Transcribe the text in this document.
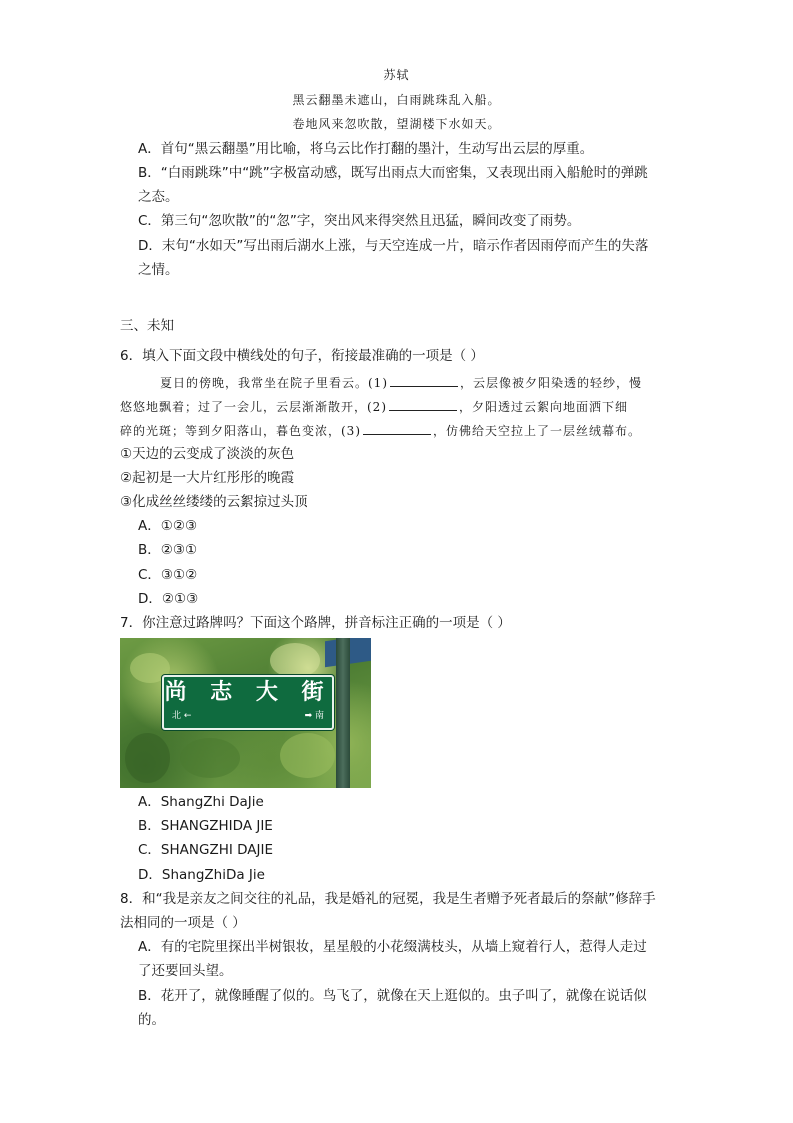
苏轼
黑云翻墨未遮山，白雨跳珠乱入船。
卷地风来忽吹散，望湖楼下水如天。
A．首句“黑云翻墨”用比喻，将乌云比作打翻的墨汁，生动写出云层的厚重。
B．“白雨跳珠”中“跳”字极富动感，既写出雨点大而密集，又表现出雨入船舱时的弹跳
之态。
C．第三句“忽吹散”的“忽”字，突出风来得突然且迅猛，瞬间改变了雨势。
D．末句“水如天”写出雨后湖水上涨，与天空连成一片，暗示作者因雨停而产生的失落
之情。
三、未知
6．填入下面文段中横线处的句子，衔接最准确的一项是（ ）
夏日的傍晚，我常坐在院子里看云。(1)	，云层像被夕阳染透的轻纱，慢
悠悠地飘着；过了一会儿，云层渐渐散开，(2)	，夕阳透过云絮向地面洒下细
碎的光斑；等到夕阳落山，暮色变浓，(3)	，仿佛给天空拉上了一层丝绒幕布。
①天边的云变成了淡淡的灰色
②起初是一大片红彤彤的晚霞
③化成丝丝缕缕的云絮掠过头顶
A．①②③
B．②③①
C．③①②
D．②①③
7．你注意过路牌吗？下面这个路牌，拼音标注正确的一项是（ ）
尚 志 大 街
北 ←	➡ 南
A．ShangZhi DaJie
B．SHANGZHIDA JIE
C．SHANGZHI DAJIE
D．ShangZhiDa Jie
8．和“我是亲友之间交往的礼品，我是婚礼的冠冕，我是生者赠予死者最后的祭献”修辞手
法相同的一项是（ ）
A．有的宅院里探出半树银妆，星星般的小花缀满枝头，从墙上窥着行人，惹得人走过
了还要回头望。
B．花开了，就像睡醒了似的。鸟飞了，就像在天上逛似的。虫子叫了，就像在说话似
的。
